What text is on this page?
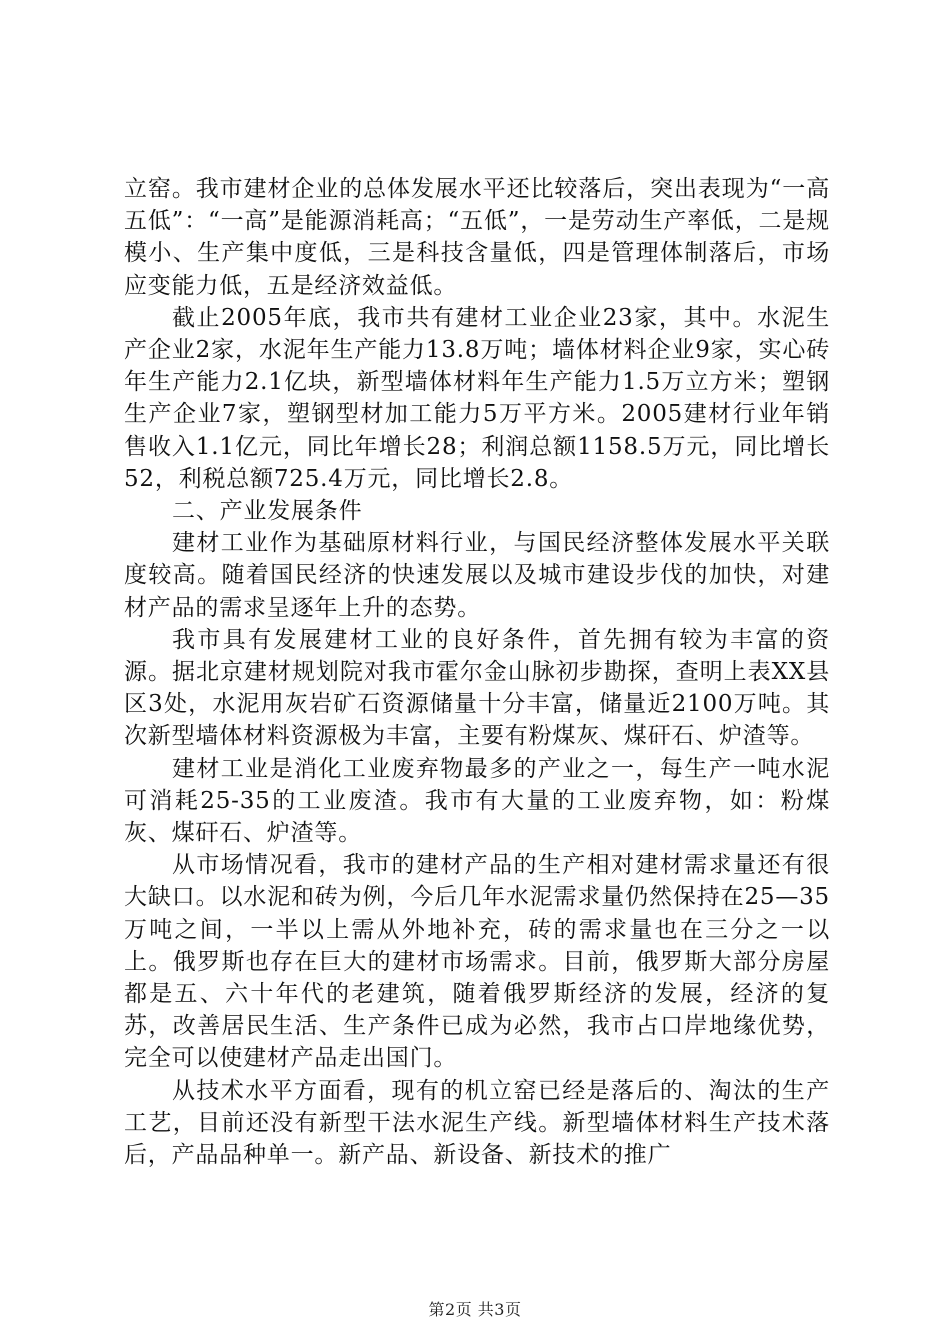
立窑。我市建材企业的总体发展水平还比较落后，突出表现为“一高五低”：“一高”是能源消耗高；“五低”，一是劳动生产率低，二是规模小、生产集中度低，三是科技含量低，四是管理体制落后，市场应变能力低，五是经济效益低。

截止2005年底，我市共有建材工业企业23家，其中。水泥生产企业2家，水泥年生产能力13.8万吨；墙体材料企业9家，实心砖年生产能力2.1亿块，新型墙体材料年生产能力1.5万立方米；塑钢生产企业7家，塑钢型材加工能力5万平方米。2005建材行业年销售收入1.1亿元，同比年增长28；利润总额1158.5万元，同比增长52，利税总额725.4万元，同比增长2.8。

二、产业发展条件

建材工业作为基础原材料行业，与国民经济整体发展水平关联度较高。随着国民经济的快速发展以及城市建设步伐的加快，对建材产品的需求呈逐年上升的态势。

我市具有发展建材工业的良好条件，首先拥有较为丰富的资源。据北京建材规划院对我市霍尔金山脉初步勘探，查明上表XX县区3处，水泥用灰岩矿石资源储量十分丰富，储量近2100万吨。其次新型墙体材料资源极为丰富，主要有粉煤灰、煤矸石、炉渣等。

建材工业是消化工业废弃物最多的产业之一，每生产一吨水泥可消耗25-35的工业废渣。我市有大量的工业废弃物，如：粉煤灰、煤矸石、炉渣等。

从市场情况看，我市的建材产品的生产相对建材需求量还有很大缺口。以水泥和砖为例，今后几年水泥需求量仍然保持在25—35万吨之间，一半以上需从外地补充，砖的需求量也在三分之一以上。俄罗斯也存在巨大的建材市场需求。目前，俄罗斯大部分房屋都是五、六十年代的老建筑，随着俄罗斯经济的发展，经济的复苏，改善居民生活、生产条件已成为必然，我市占口岸地缘优势，完全可以使建材产品走出国门。

从技术水平方面看，现有的机立窑已经是落后的、淘汰的生产工艺，目前还没有新型干法水泥生产线。新型墙体材料生产技术落后，产品品种单一。新产品、新设备、新技术的推广

第2页 共3页
